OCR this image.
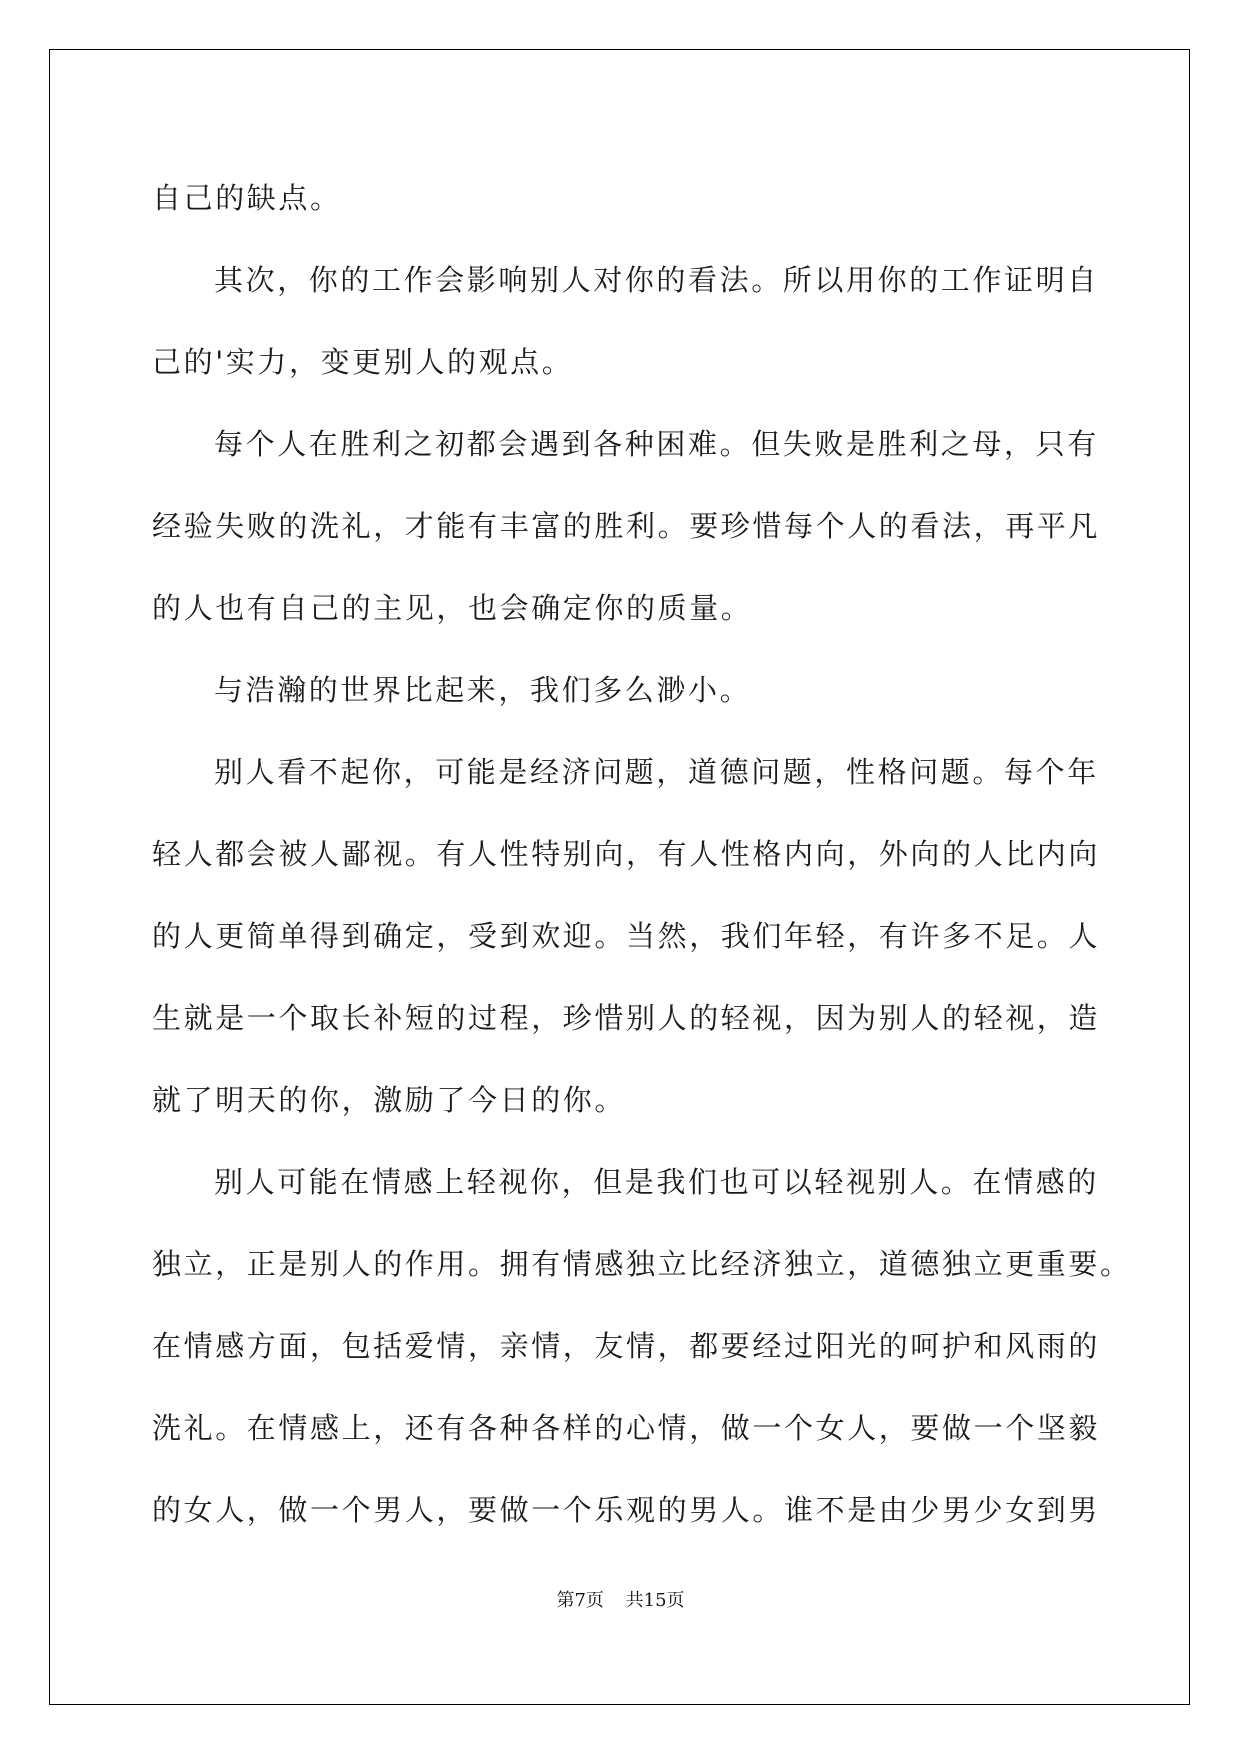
自己的缺点。
其次，你的工作会影响别人对你的看法。所以用你的工作证明自
己的'实力，变更别人的观点。
每个人在胜利之初都会遇到各种困难。但失败是胜利之母，只有
经验失败的洗礼，才能有丰富的胜利。要珍惜每个人的看法，再平凡
的人也有自己的主见，也会确定你的质量。
与浩瀚的世界比起来，我们多么渺小。
别人看不起你，可能是经济问题，道德问题，性格问题。每个年
轻人都会被人鄙视。有人性特别向，有人性格内向，外向的人比内向
的人更简单得到确定，受到欢迎。当然，我们年轻，有许多不足。人
生就是一个取长补短的过程，珍惜别人的轻视，因为别人的轻视，造
就了明天的你，激励了今日的你。
别人可能在情感上轻视你，但是我们也可以轻视别人。在情感的
独立，正是别人的作用。拥有情感独立比经济独立，道德独立更重要。
在情感方面，包括爱情，亲情，友情，都要经过阳光的呵护和风雨的
洗礼。在情感上，还有各种各样的心情，做一个女人，要做一个坚毅
的女人，做一个男人，要做一个乐观的男人。谁不是由少男少女到男
第7页 共15页
